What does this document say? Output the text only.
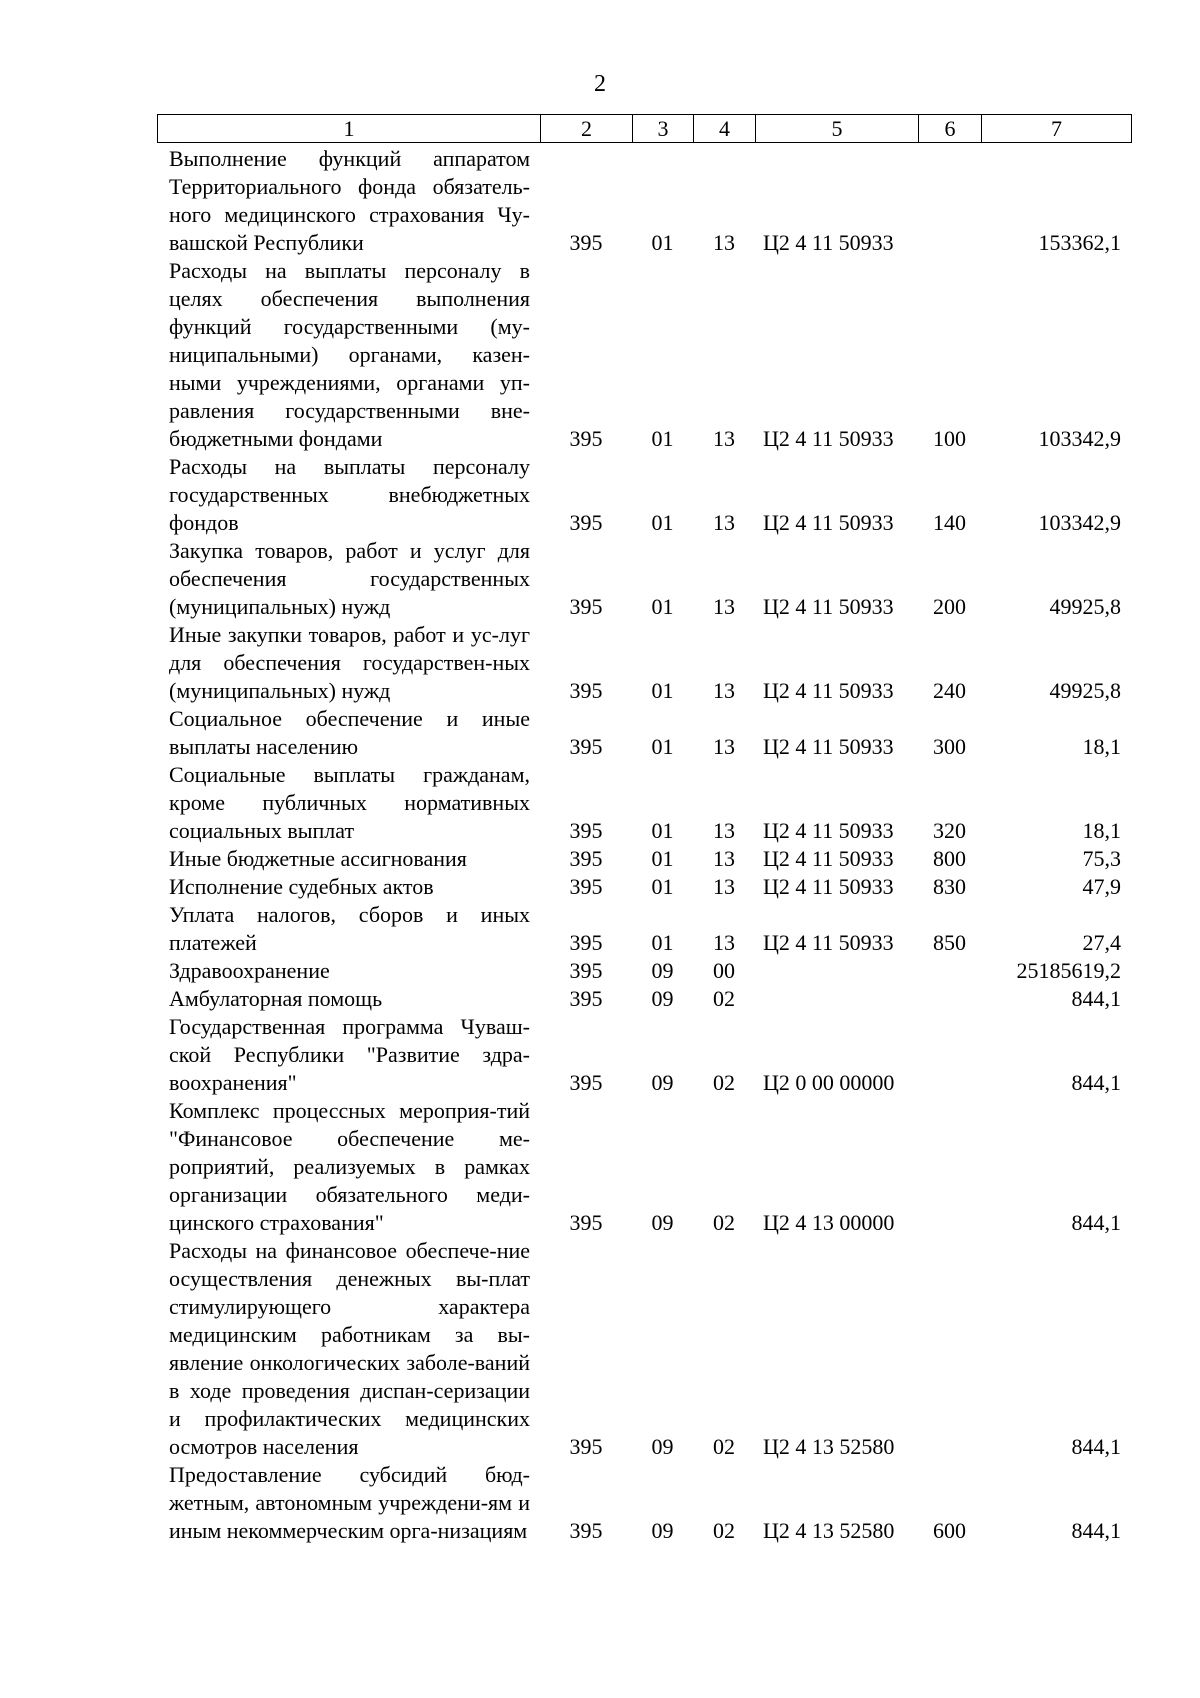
2
1	2	3	4	5	6	7
Выполнение функций аппаратом Территориального фонда обязатель-ного медицинского страхования Чу-вашской Республики	395	01	13	Ц2 4 11 50933		153362,1
Расходы на выплаты персоналу в целях обеспечения выполнения функций государственными (му-ниципальными) органами, казен-ными учреждениями, органами уп-равления государственными вне-бюджетными фондами	395	01	13	Ц2 4 11 50933	100	103342,9
Расходы на выплаты персоналу государственных внебюджетных фондов	395	01	13	Ц2 4 11 50933	140	103342,9
Закупка товаров, работ и услуг для обеспечения государственных (муниципальных) нужд	395	01	13	Ц2 4 11 50933	200	49925,8
Иные закупки товаров, работ и ус-луг для обеспечения государствен-ных (муниципальных) нужд	395	01	13	Ц2 4 11 50933	240	49925,8
Социальное обеспечение и иные выплаты населению	395	01	13	Ц2 4 11 50933	300	18,1
Социальные выплаты гражданам, кроме публичных нормативных социальных выплат	395	01	13	Ц2 4 11 50933	320	18,1
Иные бюджетные ассигнования	395	01	13	Ц2 4 11 50933	800	75,3
Исполнение судебных актов	395	01	13	Ц2 4 11 50933	830	47,9
Уплата налогов, сборов и иных платежей	395	01	13	Ц2 4 11 50933	850	27,4
Здравоохранение	395	09	00			25185619,2
Амбулаторная помощь	395	09	02			844,1
Государственная программа Чуваш-ской Республики "Развитие здра-воохранения"	395	09	02	Ц2 0 00 00000		844,1
Комплекс процессных мероприя-тий "Финансовое обеспечение ме-роприятий, реализуемых в рамках организации обязательного меди-цинского страхования"	395	09	02	Ц2 4 13 00000		844,1
Расходы на финансовое обеспече-ние осуществления денежных вы-плат стимулирующего характера медицинским работникам за вы-явление онкологических заболе-ваний в ходе проведения диспан-серизации и профилактических медицинских осмотров населения	395	09	02	Ц2 4 13 52580		844,1
Предоставление субсидий бюд-жетным, автономным учреждени-ям и иным некоммерческим орга-низациям	395	09	02	Ц2 4 13 52580	600	844,1
